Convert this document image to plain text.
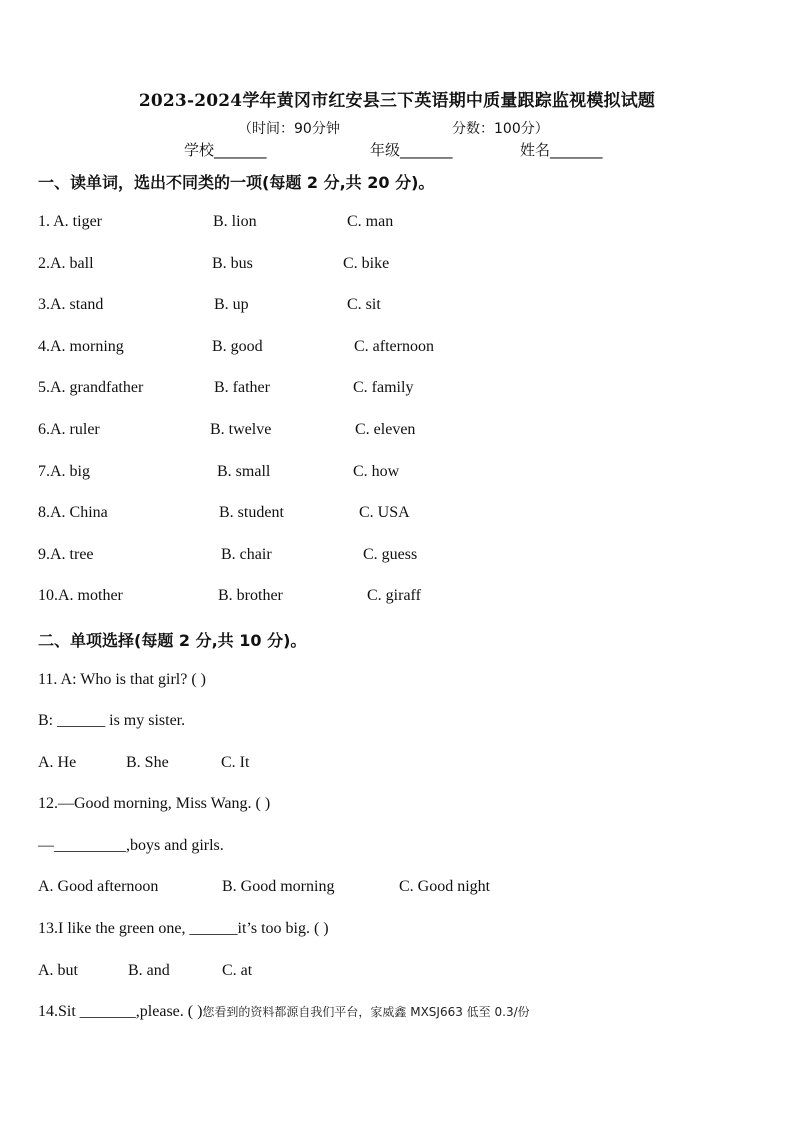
2023-2024学年黄冈市红安县三下英语期中质量跟踪监视模拟试题
（时间：90分钟	分数：100分）
学校_______	年级_______	姓名_______
一、读单词，选出不同类的一项(每题 2 分,共 20 分)。
1. A. tiger	B. lion	C. man
2.A. ball	B. bus	C. bike
3.A. stand	B. up	C. sit
4.A. morning	B. good	C. afternoon
5.A. grandfather	B. father	C. family
6.A. ruler	B. twelve	C. eleven
7.A. big	B. small	C. how
8.A. China	B. student	C. USA
9.A. tree	B. chair	C. guess
10.A. mother	B. brother	C. giraff
二、单项选择(每题 2 分,共 10 分)。
11. A: Who is that girl? ( )
B: ______ is my sister.
A. He	B. She	C. It
12.—Good morning, Miss Wang. ( )
—_________,boys and girls.
A. Good afternoon	B. Good morning	C. Good night
13.I like the green one, ______it’s too big. ( )
A. but	B. and	C. at
14.Sit _______,please. ( )您看到的资料都源自我们平台，家威鑫 MXSJ663 低至 0.3/份
